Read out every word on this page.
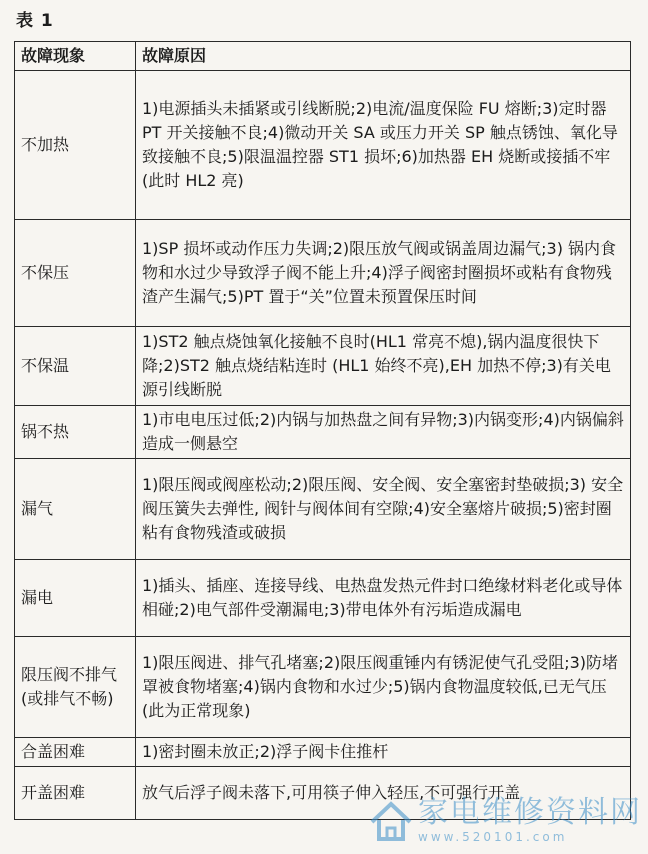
表 1
故障现象	故障原因
不加热	1)电源插头未插紧或引线断脱;2)电流/温度保险 FU 熔断;3)定时器 PT 开关接触不良;4)微动开关 SA 或压力开关 SP 触点锈蚀、氧化导致接触不良;5)限温温控器 ST1 损坏;6)加热器 EH 烧断或接插不牢(此时 HL2 亮)
不保压	1)SP 损坏或动作压力失调;2)限压放气阀或锅盖周边漏气;3) 锅内食物和水过少导致浮子阀不能上升;4)浮子阀密封圈损坏或粘有食物残渣产生漏气;5)PT 置于“关”位置未预置保压时间
不保温	1)ST2 触点烧蚀氧化接触不良时(HL1 常亮不熄),锅内温度很快下降;2)ST2 触点烧结粘连时 (HL1 始终不亮),EH 加热不停;3)有关电源引线断脱
锅不热	1)市电电压过低;2)内锅与加热盘之间有异物;3)内锅变形;4)内锅偏斜造成一侧悬空
漏气	1)限压阀或阀座松动;2)限压阀、安全阀、安全塞密封垫破损;3) 安全阀压簧失去弹性, 阀针与阀体间有空隙;4)安全塞熔片破损;5)密封圈粘有食物残渣或破损
漏电	1)插头、插座、连接导线、电热盘发热元件封口绝缘材料老化或导体相碰;2)电气部件受潮漏电;3)带电体外有污垢造成漏电
限压阀不排气(或排气不畅)	1)限压阀进、排气孔堵塞;2)限压阀重锤内有锈泥使气孔受阻;3)防堵罩被食物堵塞;4)锅内食物和水过少;5)锅内食物温度较低,已无气压(此为正常现象)
合盖困难	1)密封圈未放正;2)浮子阀卡住推杆
开盖困难	放气后浮子阀未落下,可用筷子伸入轻压,不可强行开盖
家电维修资料网
www.520101.com
